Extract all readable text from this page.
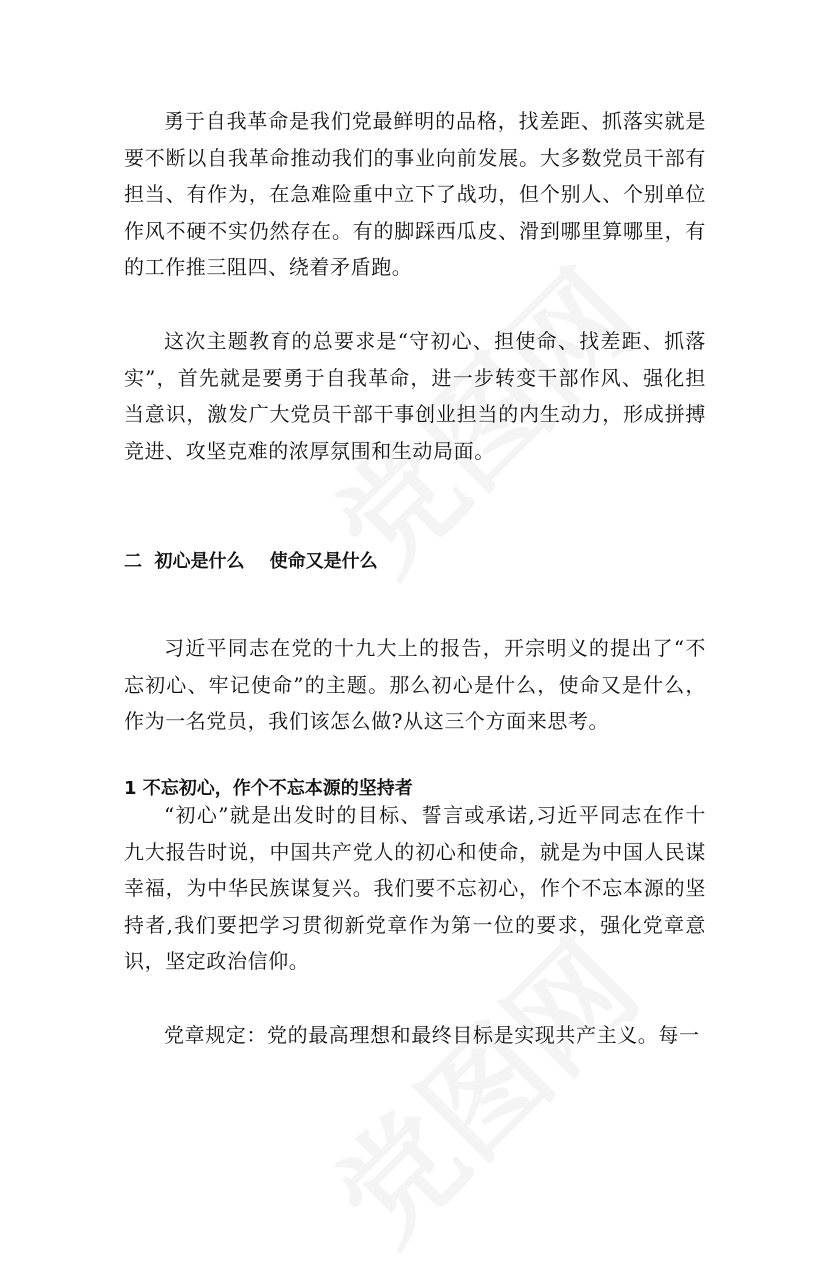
勇于自我革命是我们党最鲜明的品格，找差距、抓落实就是要不断以自我革命推动我们的事业向前发展。大多数党员干部有担当、有作为，在急难险重中立下了战功，但个别人、个别单位作风不硬不实仍然存在。有的脚踩西瓜皮、滑到哪里算哪里，有的工作推三阻四、绕着矛盾跑。

这次主题教育的总要求是“守初心、担使命、找差距、抓落实”，首先就是要勇于自我革命，进一步转变干部作风、强化担当意识，激发广大党员干部干事创业担当的内生动力，形成拼搏竞进、攻坚克难的浓厚氛围和生动局面。

二  初心是什么    使命又是什么

习近平同志在党的十九大上的报告，开宗明义的提出了“不忘初心、牢记使命”的主题。那么初心是什么，使命又是什么，作为一名党员，我们该怎么做?从这三个方面来思考。

1 不忘初心，作个不忘本源的坚持者

“初心”就是出发时的目标、誓言或承诺,习近平同志在作十九大报告时说，中国共产党人的初心和使命，就是为中国人民谋幸福，为中华民族谋复兴。我们要不忘初心，作个不忘本源的坚持者,我们要把学习贯彻新党章作为第一位的要求，强化党章意识，坚定政治信仰。

党章规定：党的最高理想和最终目标是实现共产主义。每一
